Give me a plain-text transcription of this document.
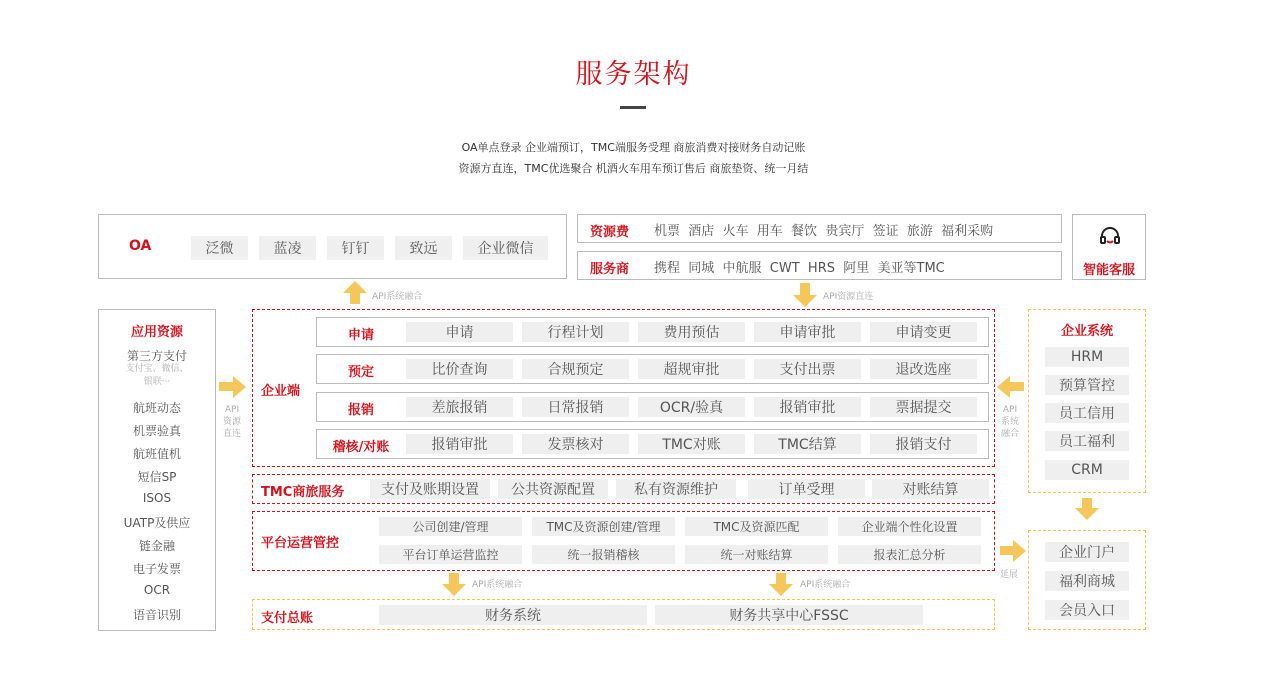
服务架构
OA单点登录 企业端预订，TMC端服务受理 商旅消费对接财务自动记账
资源方直连，TMC优选聚合 机酒火车用车预订售后 商旅垫资、统一月结
OA	泛微	蓝凌	钉钉	致远	企业微信
资源费 机票  酒店  火车  用车  餐饮  贵宾厅  签证  旅游  福利采购
服务商 携程  同城  中航服  CWT  HRS  阿里  美亚等TMC	智能客服
API系统融合	API资源直连
应用资源
第三方支付
支付宝、微信、
银联···
航班动态
机票验真
航班值机
短信SP
ISOS
UATP及供应
链金融
电子发票
OCR
语音识别
API
资源
直连
企业端
申请	申请	行程计划	费用预估	申请审批	申请变更
预定	比价查询	合规预定	超规审批	支付出票	退改选座
报销	差旅报销	日常报销	OCR/验真	报销审批	票据提交
稽核/对账	报销审批	发票核对	TMC对账	TMC结算	报销支付
TMC商旅服务	支付及账期设置	公共资源配置	私有资源维护	订单受理	对账结算
平台运营管控
公司创建/管理	TMC及资源创建/管理	TMC及资源匹配	企业端个性化设置
平台订单运营监控	统一报销稽核	统一对账结算	报表汇总分析
API系统融合	API系统融合
支付总账	财务系统	财务共享中心FSSC
API
系统
融合
企业系统
HRM
预算管控
员工信用
员工福利
CRM
延展
企业门户
福利商城
会员入口
